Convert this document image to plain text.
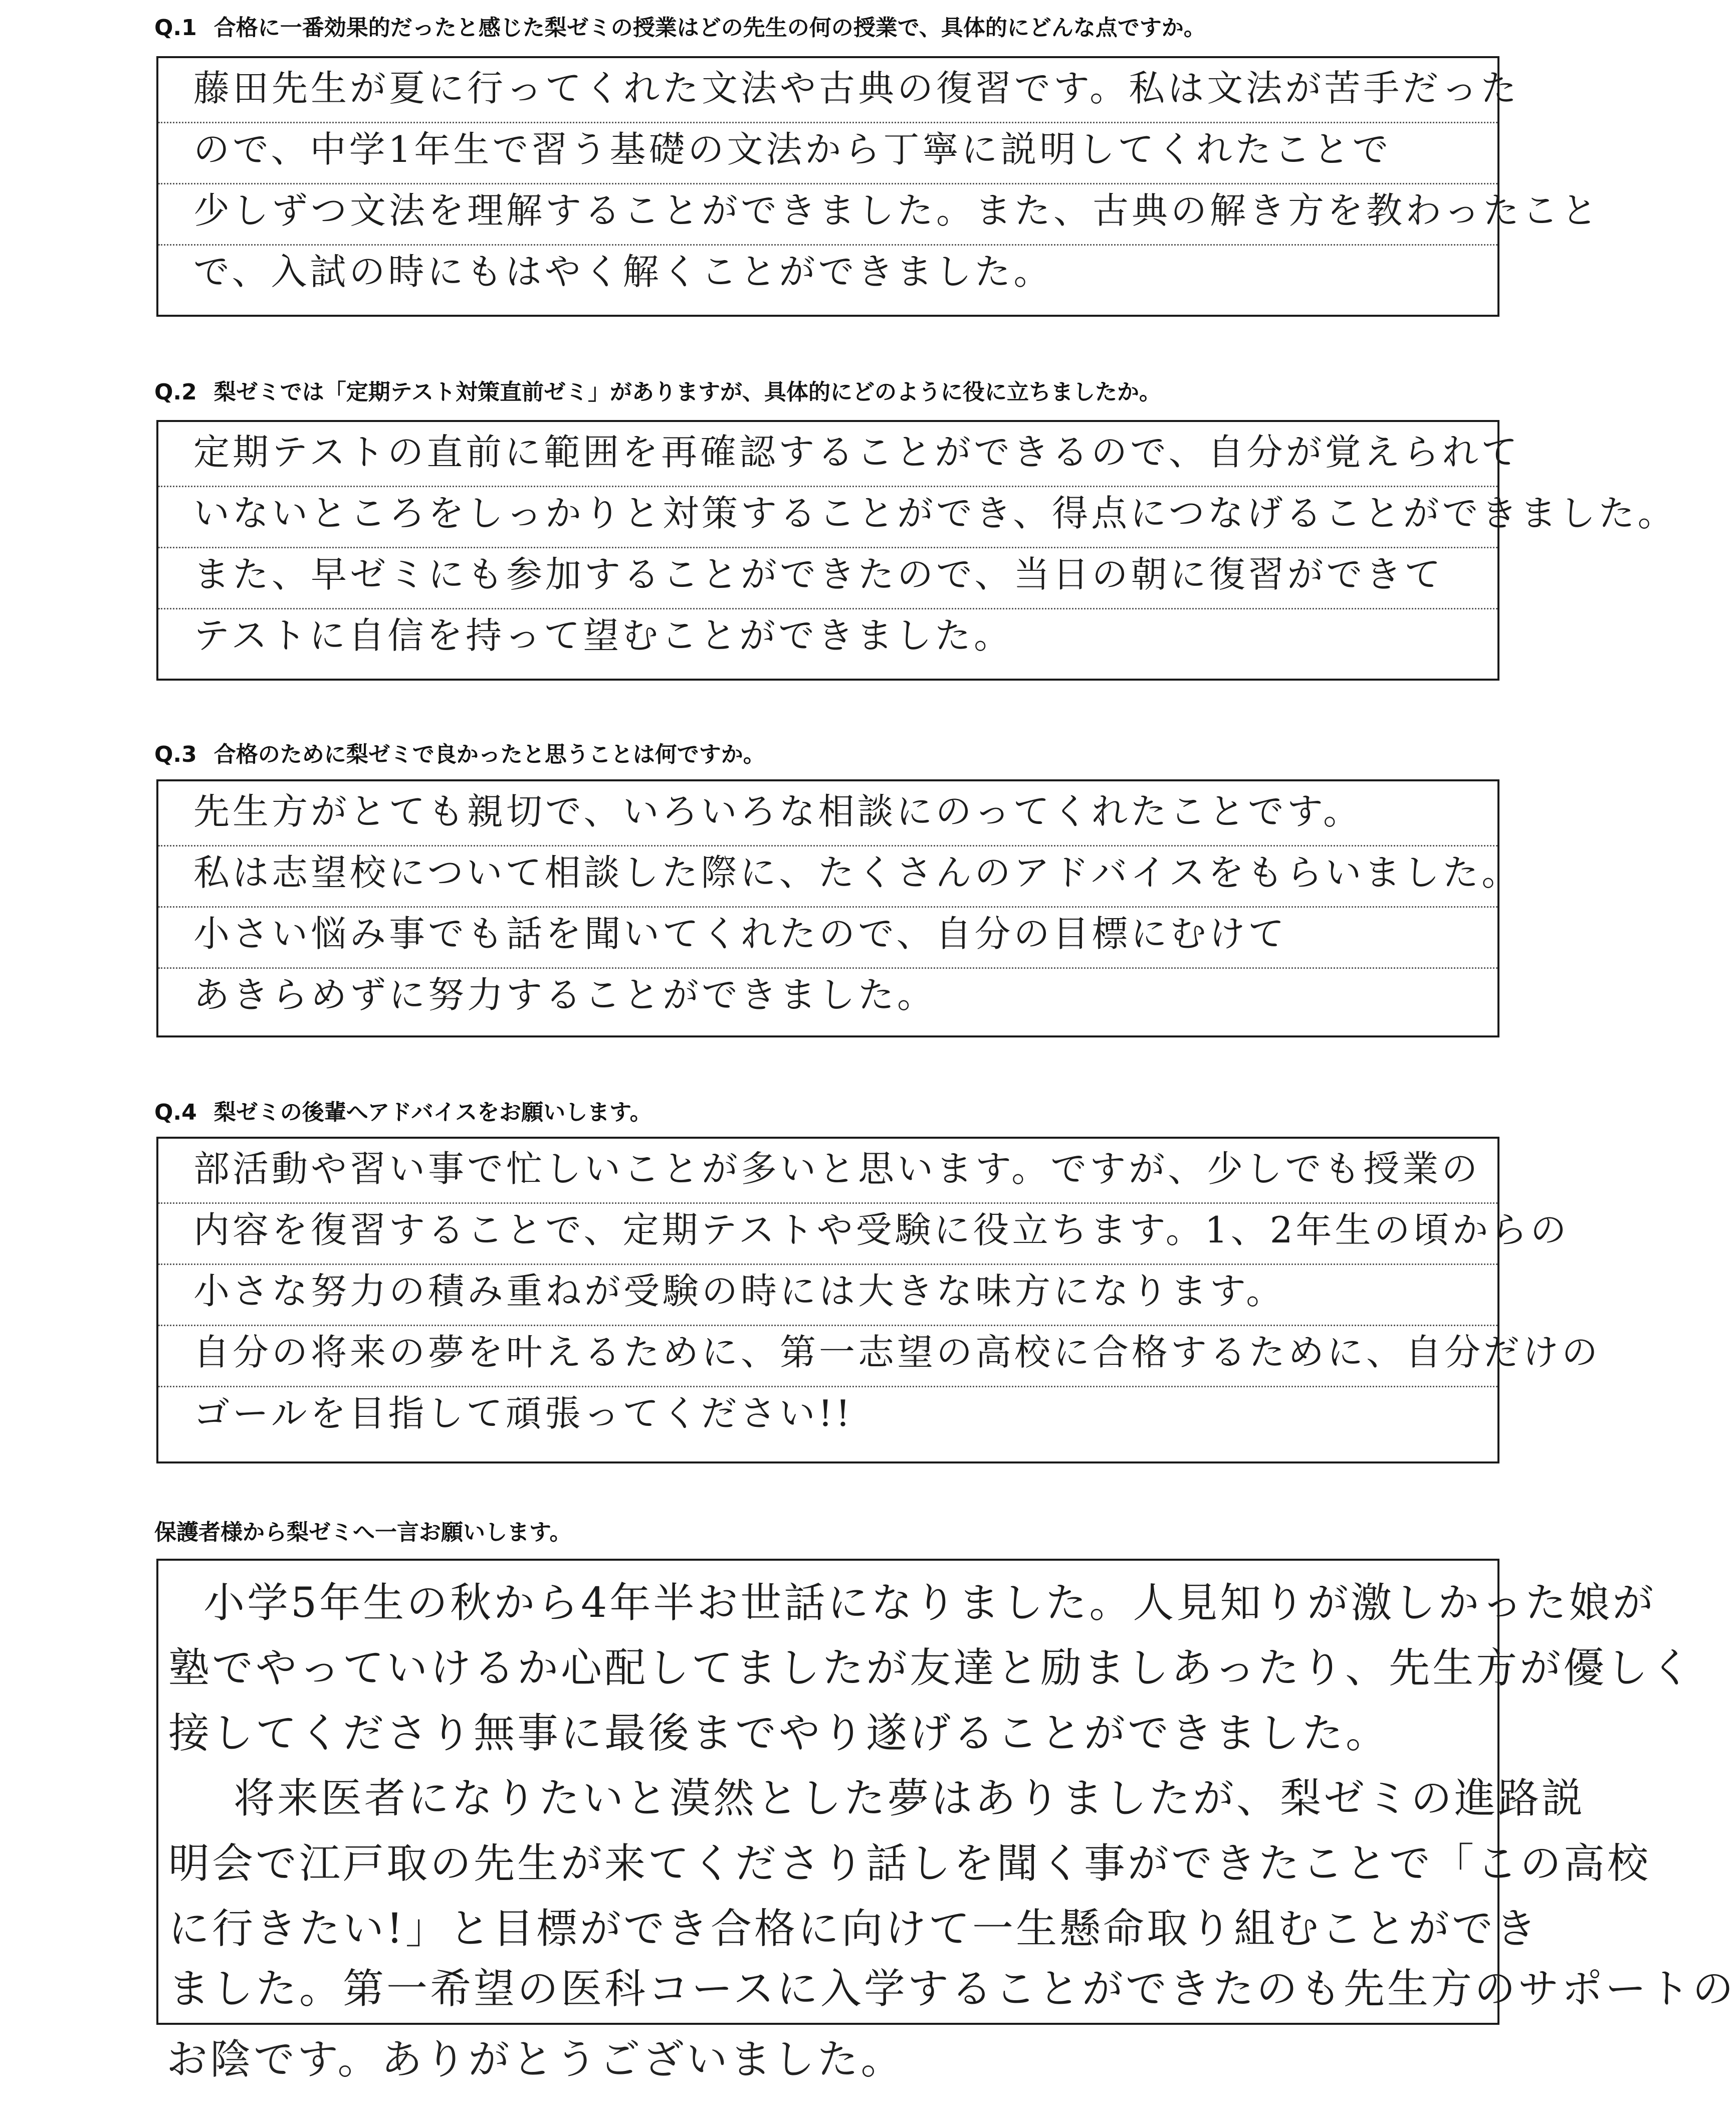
Q.1 合格に一番効果的だったと感じた梨ゼミの授業はどの先生の何の授業で、具体的にどんな点ですか。

藤田先生が夏に行ってくれた文法や古典の復習です。私は文法が苦手だった

ので、中学1年生で習う基礎の文法から丁寧に説明してくれたことで

少しずつ文法を理解することができました。また、古典の解き方を教わったこと

で、入試の時にもはやく解くことができました。

Q.2 梨ゼミでは「定期テスト対策直前ゼミ」がありますが、具体的にどのように役に立ちましたか。

定期テストの直前に範囲を再確認することができるので、自分が覚えられて

いないところをしっかりと対策することができ、得点につなげることができました。

また、早ゼミにも参加することができたので、当日の朝に復習ができて

テストに自信を持って望むことができました。

Q.3 合格のために梨ゼミで良かったと思うことは何ですか。

先生方がとても親切で、いろいろな相談にのってくれたことです。

私は志望校について相談した際に、たくさんのアドバイスをもらいました。

小さい悩み事でも話を聞いてくれたので、自分の目標にむけて

あきらめずに努力することができました。

Q.4 梨ゼミの後輩へアドバイスをお願いします。

部活動や習い事で忙しいことが多いと思います。ですが、少しでも授業の

内容を復習することで、定期テストや受験に役立ちます。1、2年生の頃からの

小さな努力の積み重ねが受験の時には大きな味方になります。

自分の将来の夢を叶えるために、第一志望の高校に合格するために、自分だけの

ゴールを目指して頑張ってください!!

保護者様から梨ゼミへ一言お願いします。

小学5年生の秋から4年半お世話になりました。人見知りが激しかった娘が

塾でやっていけるか心配してましたが友達と励ましあったり、先生方が優しく

接してくださり無事に最後までやり遂げることができました。

将来医者になりたいと漠然とした夢はありましたが、梨ゼミの進路説

明会で江戸取の先生が来てくださり話しを聞く事ができたことで「この高校

に行きたい!」と目標ができ合格に向けて一生懸命取り組むことができ

ました。第一希望の医科コースに入学することができたのも先生方のサポートの

お陰です。ありがとうございました。
